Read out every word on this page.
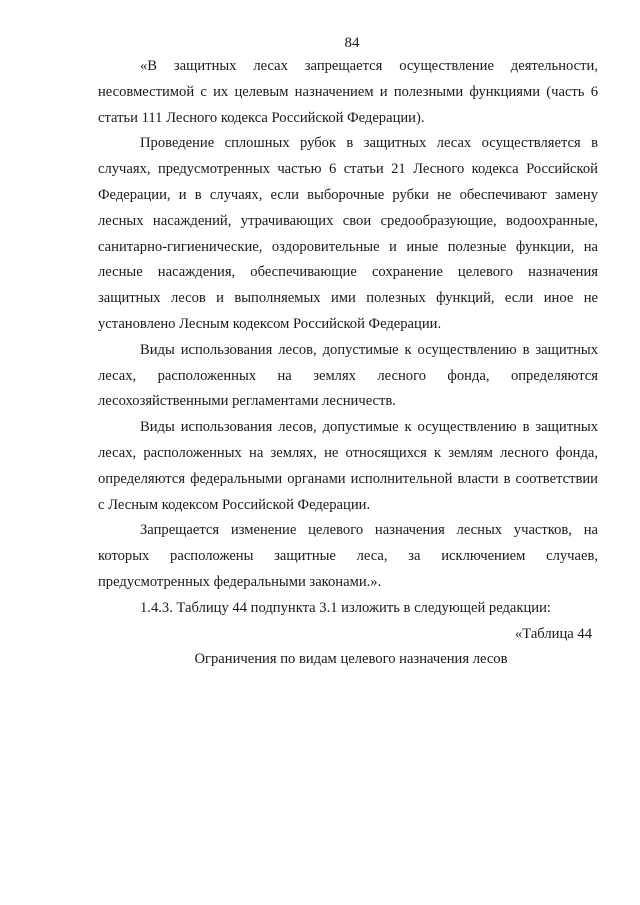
84

«В защитных лесах запрещается осуществление деятельности, несовместимой с их целевым назначением и полезными функциями (часть 6 статьи 111 Лесного кодекса Российской Федерации).

Проведение сплошных рубок в защитных лесах осуществляется в случаях, предусмотренных частью 6 статьи 21 Лесного кодекса Российской Федерации, и в случаях, если выборочные рубки не обеспечивают замену лесных насаждений, утрачивающих свои средообразующие, водоохранные, санитарно-гигиенические, оздоровительные и иные полезные функции, на лесные насаждения, обеспечивающие сохранение целевого назначения защитных лесов и выполняемых ими полезных функций, если иное не установлено Лесным кодексом Российской Федерации.

Виды использования лесов, допустимые к осуществлению в защитных лесах, расположенных на землях лесного фонда, определяются лесохозяйственными регламентами лесничеств.

Виды использования лесов, допустимые к осуществлению в защитных лесах, расположенных на землях, не относящихся к землям лесного фонда, определяются федеральными органами исполнительной власти в соответствии с Лесным кодексом Российской Федерации.

Запрещается изменение целевого назначения лесных участков, на которых расположены защитные леса, за исключением случаев, предусмотренных федеральными законами.».

1.4.3. Таблицу 44 подпункта 3.1 изложить в следующей редакции:

«Таблица 44

Ограничения по видам целевого назначения лесов
